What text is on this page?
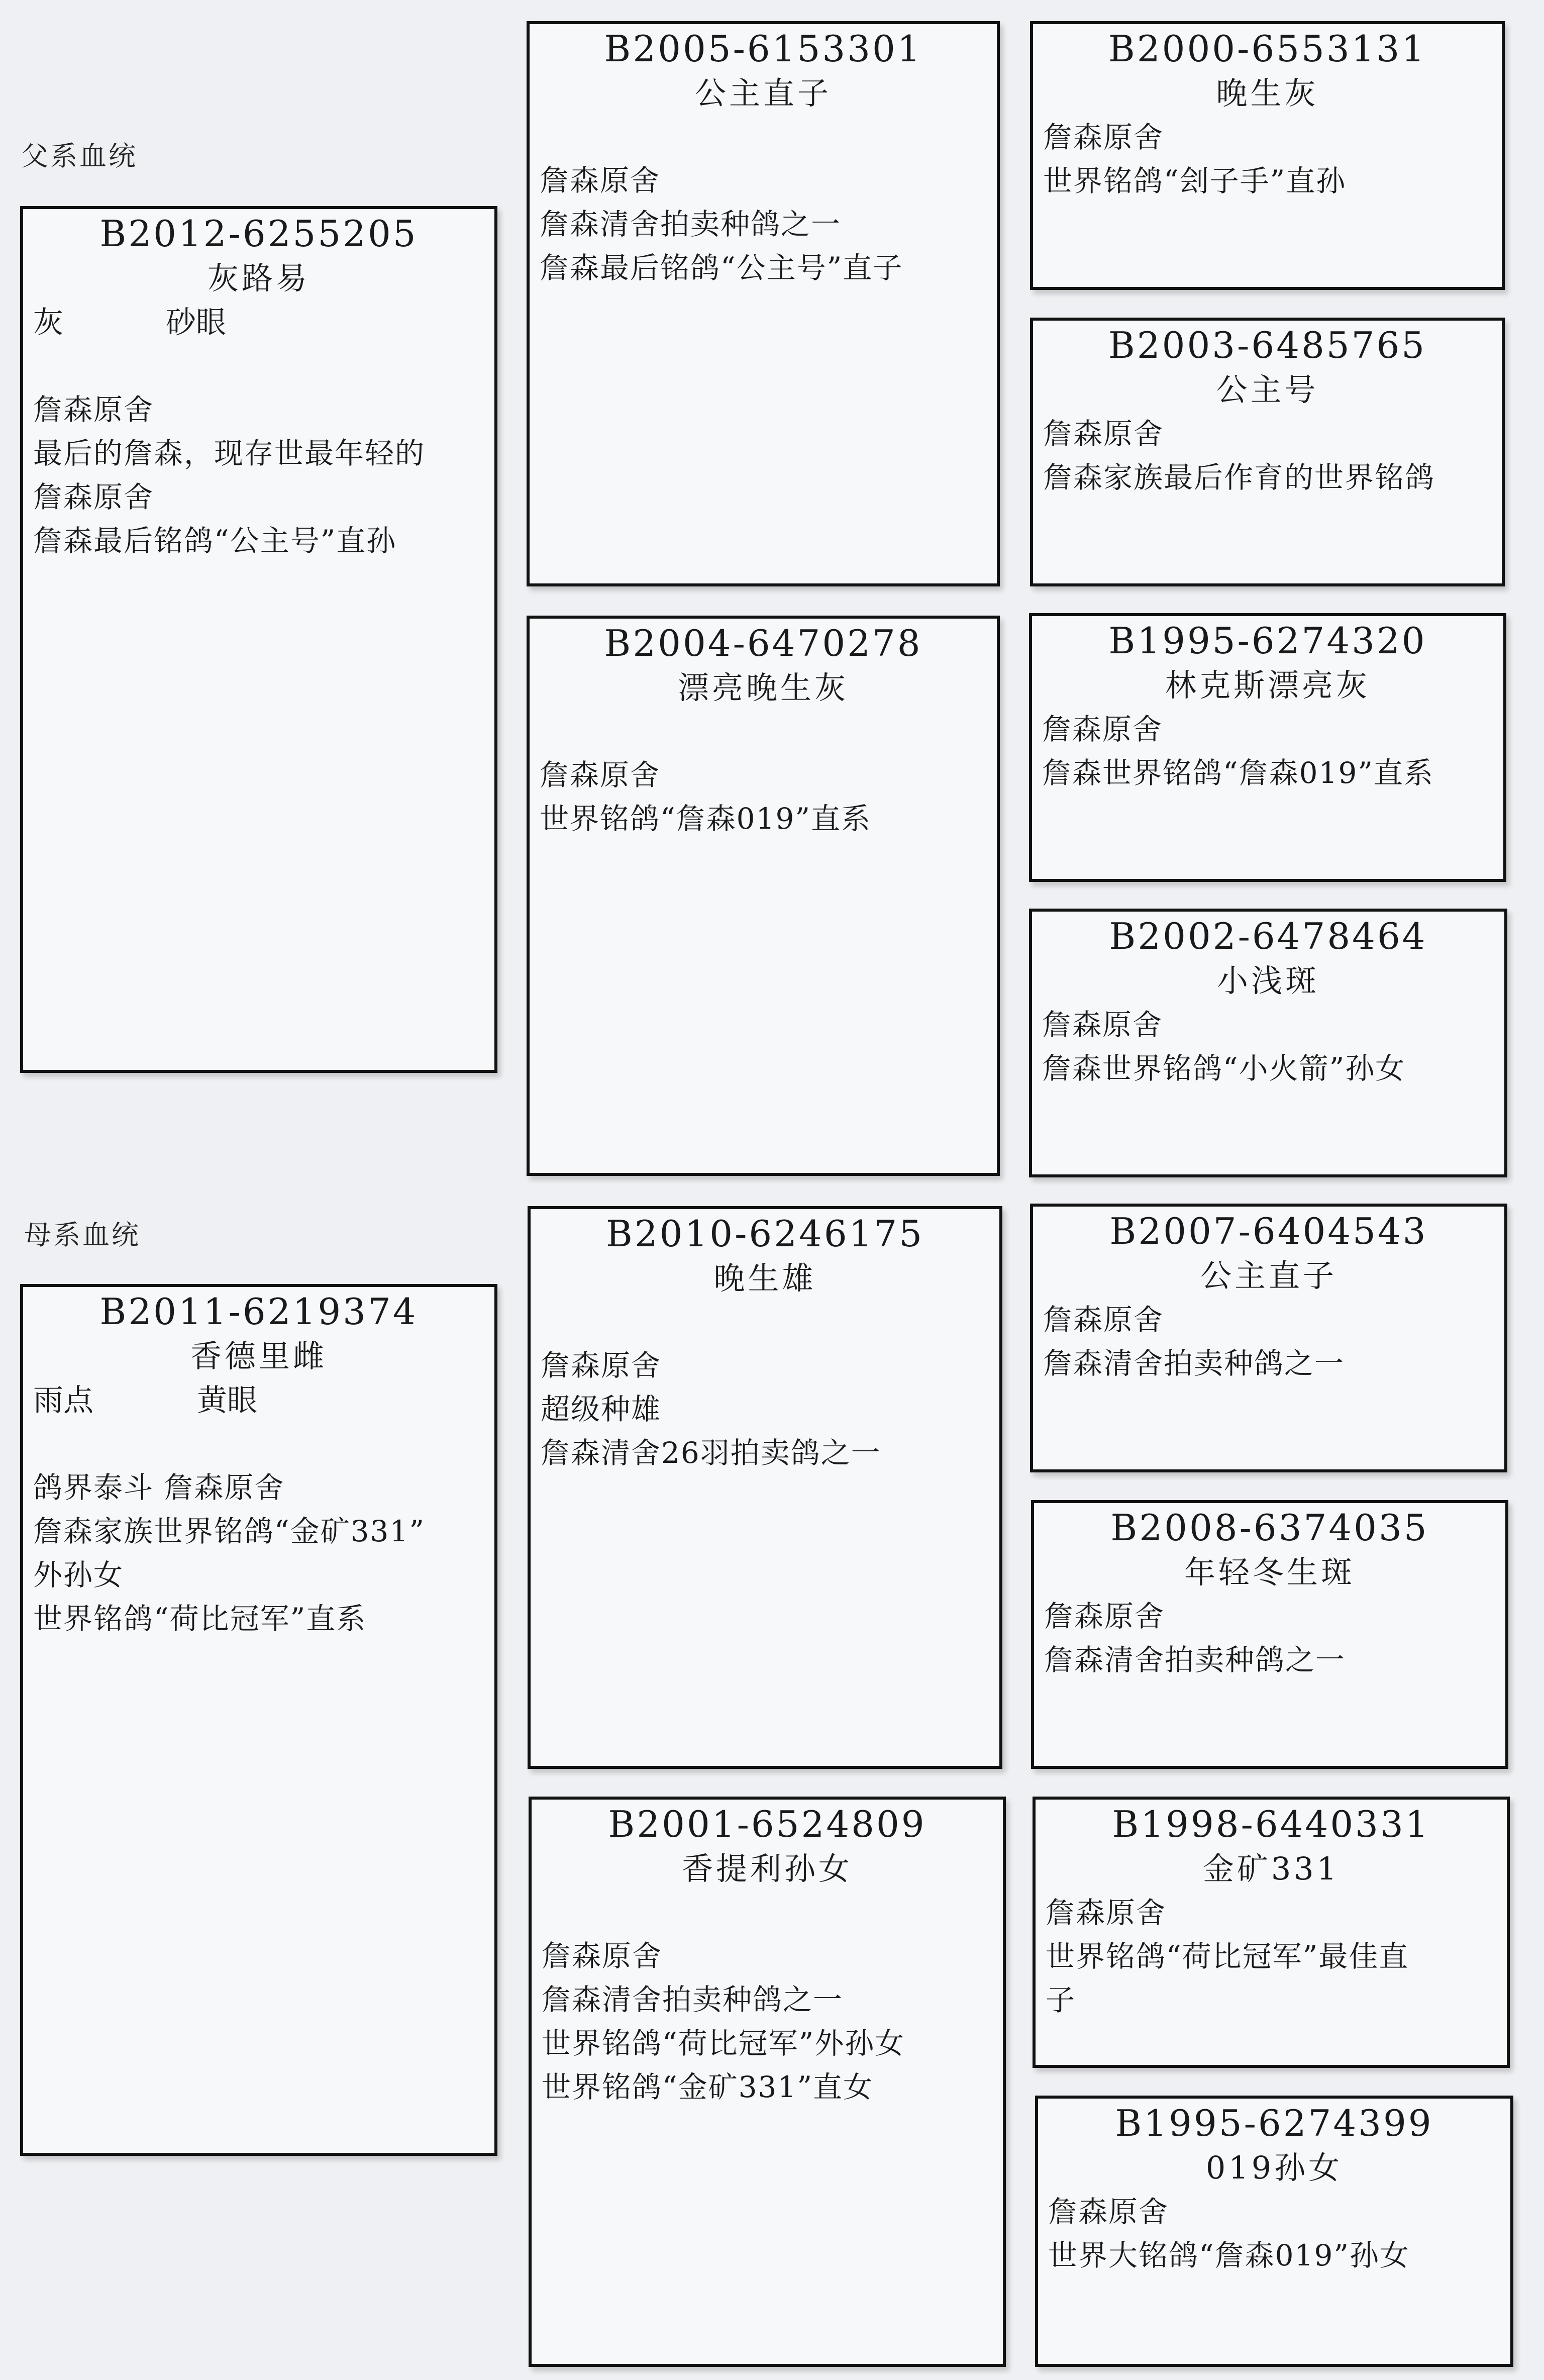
父系血统
母系血统
B2012-6255205
灰路易
灰	砂眼
詹森原舍
最后的詹森，现存世最年轻的
詹森原舍
詹森最后铭鸽“公主号”直孙
B2011-6219374
香德里雌
雨点	黄眼
鸽界泰斗 詹森原舍
詹森家族世界铭鸽“金矿331”
外孙女
世界铭鸽“荷比冠军”直系
B2005-6153301
公主直子
詹森原舍
詹森清舍拍卖种鸽之一
詹森最后铭鸽“公主号”直子
B2004-6470278
漂亮晚生灰
詹森原舍
世界铭鸽“詹森019”直系
B2010-6246175
晚生雄
詹森原舍
超级种雄
詹森清舍26羽拍卖鸽之一
B2001-6524809
香提利孙女
詹森原舍
詹森清舍拍卖种鸽之一
世界铭鸽“荷比冠军”外孙女
世界铭鸽“金矿331”直女
B2000-6553131
晚生灰
詹森原舍
世界铭鸽“刽子手”直孙
B2003-6485765
公主号
詹森原舍
詹森家族最后作育的世界铭鸽
B1995-6274320
林克斯漂亮灰
詹森原舍
詹森世界铭鸽“詹森019”直系
B2002-6478464
小浅斑
詹森原舍
詹森世界铭鸽“小火箭”孙女
B2007-6404543
公主直子
詹森原舍
詹森清舍拍卖种鸽之一
B2008-6374035
年轻冬生斑
詹森原舍
詹森清舍拍卖种鸽之一
B1998-6440331
金矿331
詹森原舍
世界铭鸽“荷比冠军”最佳直
子
B1995-6274399
019孙女
詹森原舍
世界大铭鸽“詹森019”孙女
